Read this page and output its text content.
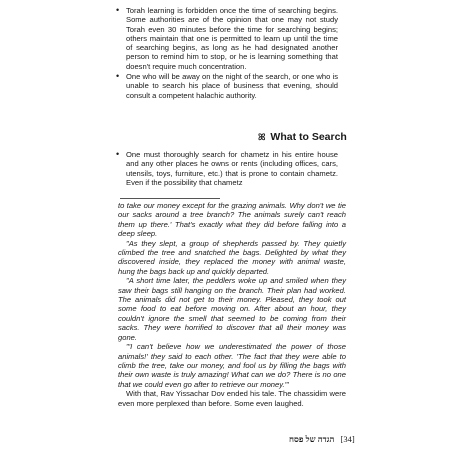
• Torah learning is forbidden once the time of searching begins. Some authorities are of the opinion that one may not study Torah even 30 minutes before the time for searching begins; others maintain that one is permitted to learn up until the time of searching begins, as long as he had designated another person to remind him to stop, or he is learning something that doesn't require much concentration.
• One who will be away on the night of the search, or one who is unable to search his place of business that evening, should consult a competent halachic authority.
ꕤ What to Search
• One must thoroughly search for chametz in his entire house and any other places he owns or rents (including offices, cars, utensils, toys, furniture, etc.) that is prone to contain chametz. Even if the possibility that chametz

to take our money except for the grazing animals. Why don't we tie our sacks around a tree branch? The animals surely can't reach them up there.' That's exactly what they did before falling into a deep sleep.

"As they slept, a group of shepherds passed by. They quietly climbed the tree and snatched the bags. Delighted by what they discovered inside, they replaced the money with animal waste, hung the bags back up and quickly departed.

"A short time later, the peddlers woke up and smiled when they saw their bags still hanging on the branch. Their plan had worked. The animals did not get to their money. Pleased, they took out some food to eat before moving on. After about an hour, they couldn't ignore the smell that seemed to be coming from their sacks. They were horrified to discover that all their money was gone.

"'I can't believe how we underestimated the power of those animals!' they said to each other. 'The fact that they were able to climb the tree, take our money, and fool us by filling the bags with their own waste is truly amazing! What can we do? There is no one that we could even go after to retrieve our money.'"

With that, Rav Yissachar Dov ended his tale. The chassidim were even more perplexed than before. Some even laughed.

הגדה של פסח [34]
